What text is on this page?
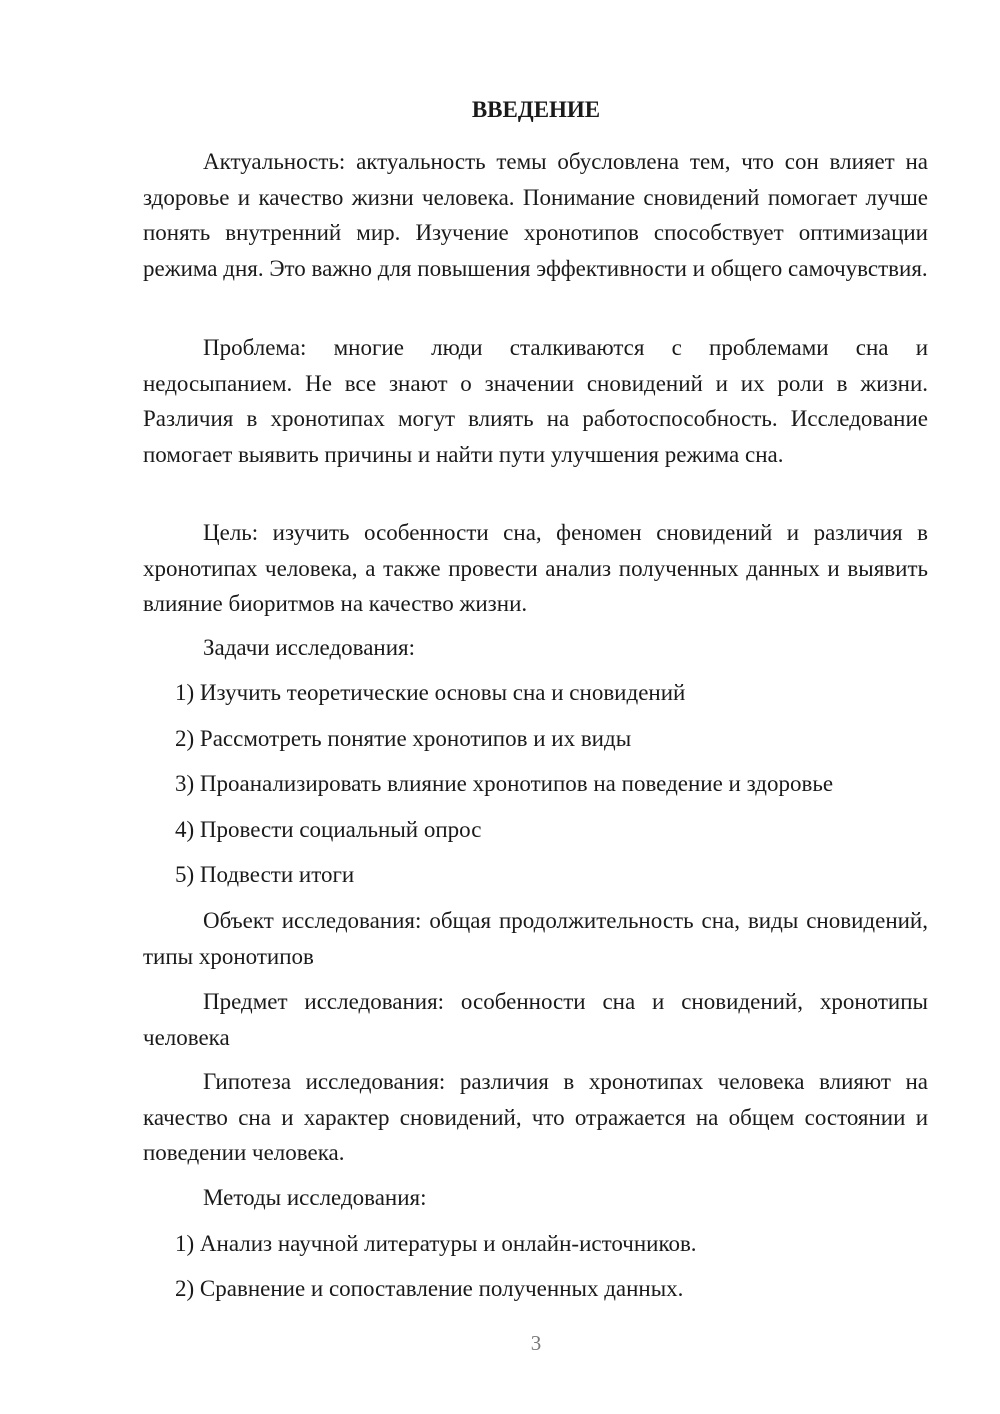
ВВЕДЕНИЕ

Актуальность: актуальность темы обусловлена тем, что сон влияет на здоровье и качество жизни человека. Понимание сновидений помогает лучше понять внутренний мир. Изучение хронотипов способствует оптимизации режима дня. Это важно для повышения эффективности и общего самочувствия.

Проблема: многие люди сталкиваются с проблемами сна и недосыпанием. Не все знают о значении сновидений и их роли в жизни. Различия в хронотипах могут влиять на работоспособность. Исследование помогает выявить причины и найти пути улучшения режима сна.

Цель: изучить особенности сна, феномен сновидений и различия в хронотипах человека, а также провести анализ полученных данных и выявить влияние биоритмов на качество жизни.

Задачи исследования:
1) Изучить теоретические основы сна и сновидений
2) Рассмотреть понятие хронотипов и их виды
3) Проанализировать влияние хронотипов на поведение и здоровье
4) Провести социальный опрос
5) Подвести итоги

Объект исследования: общая продолжительность сна, виды сновидений, типы хронотипов

Предмет исследования: особенности сна и сновидений, хронотипы человека

Гипотеза исследования: различия в хронотипах человека влияют на качество сна и характер сновидений, что отражается на общем состоянии и поведении человека.

Методы исследования:
1) Анализ научной литературы и онлайн-источников.
2) Сравнение и сопоставление полученных данных.
3
